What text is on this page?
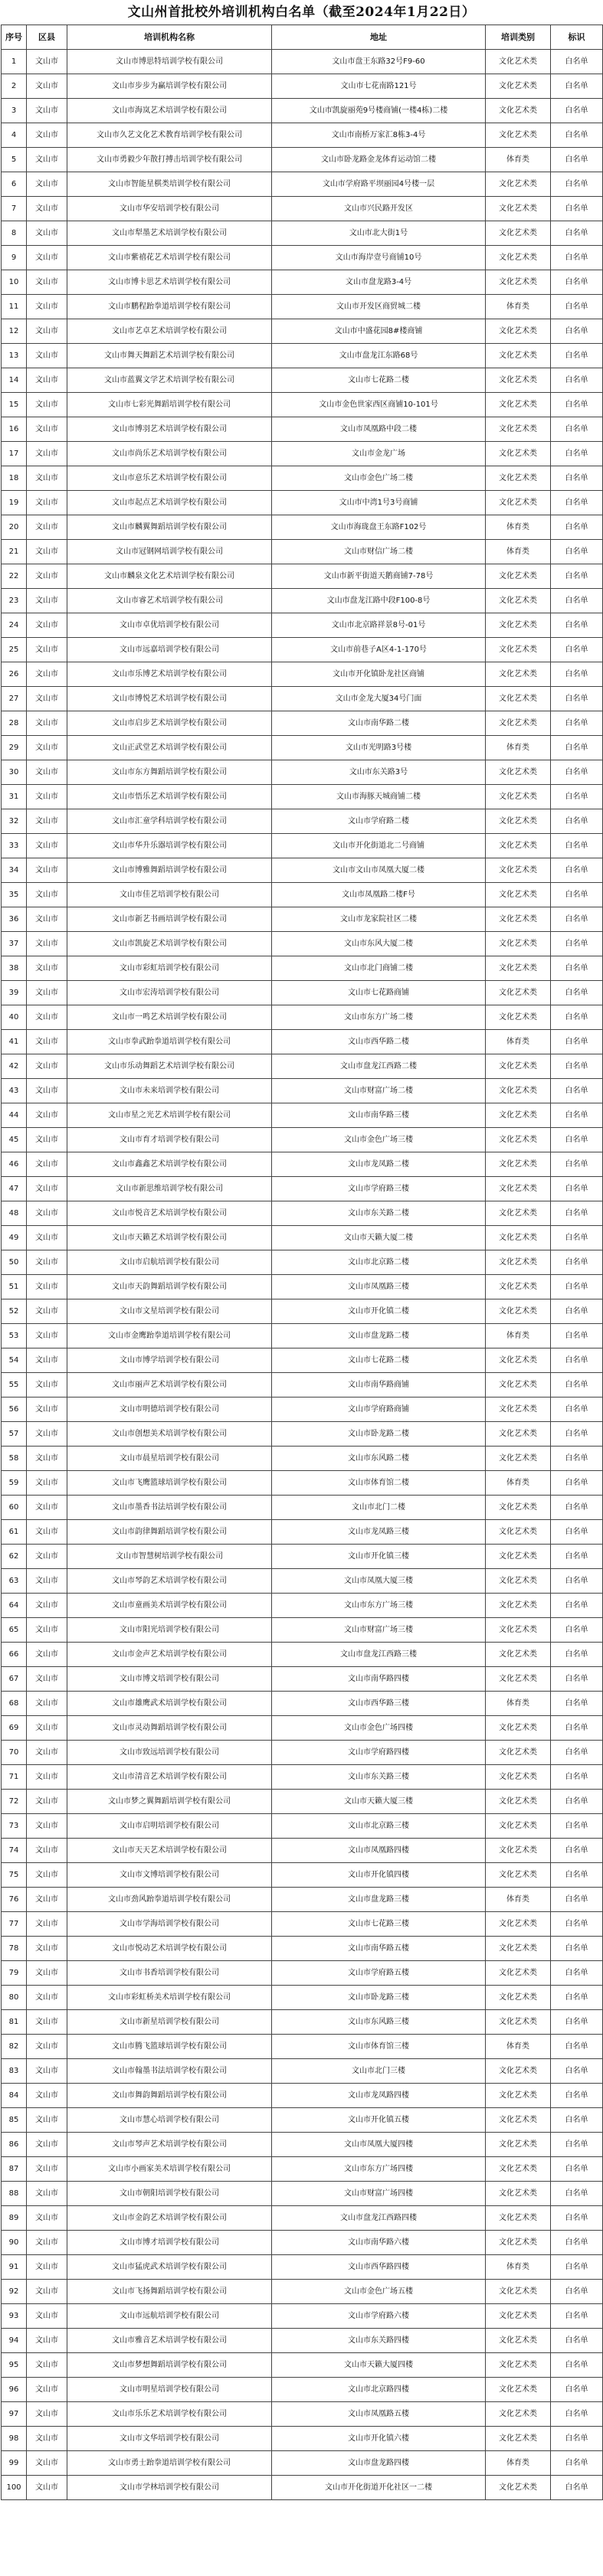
文山州首批校外培训机构白名单（截至2024年1月22日）
序号	区县	培训机构名称	地址	培训类别	标识
1	文山市	文山市博思特培训学校有限公司	文山市盘王东路32号F9-60	文化艺术类	白名单
2	文山市	文山市步步为赢培训学校有限公司	文山市七花南路121号	文化艺术类	白名单
3	文山市	文山市海岚艺术培训学校有限公司	文山市凯旋丽苑9号楼商铺(一楼4栋)二楼	文化艺术类	白名单
4	文山市	文山市久艺文化艺术教育培训学校有限公司	文山市南桥万家汇8栋3-4号	文化艺术类	白名单
5	文山市	文山市勇毅少年散打搏击培训学校有限公司	文山市卧龙路金龙体育运动馆二楼	体育类	白名单
6	文山市	文山市智能星棋类培训学校有限公司	文山市学府路平坝丽园4号楼一层	文化艺术类	白名单
7	文山市	文山市华安培训学校有限公司	文山市兴民路开发区	文化艺术类	白名单
8	文山市	文山市犁墨艺术培训学校有限公司	文山市北大街1号	文化艺术类	白名单
9	文山市	文山市紫禧花艺术培训学校有限公司	文山市海岸壹号商铺10号	文化艺术类	白名单
10	文山市	文山市博卡思艺术培训学校有限公司	文山市盘龙路3-4号	文化艺术类	白名单
11	文山市	文山市鹏程跆拳道培训学校有限公司	文山市开发区商贸城二楼	体育类	白名单
12	文山市	文山市艺卓艺术培训学校有限公司	文山市中盛花园8#楼商铺	文化艺术类	白名单
13	文山市	文山市舞天舞蹈艺术培训学校有限公司	文山市盘龙江东路68号	文化艺术类	白名单
14	文山市	文山市蓝翼文学艺术培训学校有限公司	文山市七花路二楼	文化艺术类	白名单
15	文山市	文山市七彩光舞蹈培训学校有限公司	文山市金色世家西区商铺10-101号	文化艺术类	白名单
16	文山市	文山市博羽艺术培训学校有限公司	文山市凤凰路中段二楼	文化艺术类	白名单
17	文山市	文山市尚乐艺术培训学校有限公司	文山市金龙广场	文化艺术类	白名单
18	文山市	文山市意乐艺术培训学校有限公司	文山市金色广场二楼	文化艺术类	白名单
19	文山市	文山市起点艺术培训学校有限公司	文山市中湾1号3号商铺	文化艺术类	白名单
20	文山市	文山市麟翼舞蹈培训学校有限公司	文山市海珑盘王东路F102号	体育类	白名单
21	文山市	文山市冠钢网培训学校有限公司	文山市财信广场二楼	体育类	白名单
22	文山市	文山市麟泉文化艺术培训学校有限公司	文山市新平街道天鹅商铺7-78号	文化艺术类	白名单
23	文山市	文山市睿艺术培训学校有限公司	文山市盘龙江路中段F100-8号	文化艺术类	白名单
24	文山市	文山市卓优培训学校有限公司	文山市北京路祥景8号-01号	文化艺术类	白名单
25	文山市	文山市远嘉培训学校有限公司	文山市前巷子A区4-1-170号	文化艺术类	白名单
26	文山市	文山市乐博艺术培训学校有限公司	文山市开化镇卧龙社区商铺	文化艺术类	白名单
27	文山市	文山市博悦艺术培训学校有限公司	文山市金龙大厦34号门面	文化艺术类	白名单
28	文山市	文山市启步艺术培训学校有限公司	文山市南华路二楼	文化艺术类	白名单
29	文山市	文山正武堂艺术培训学校有限公司	文山市光明路3号楼	体育类	白名单
30	文山市	文山市东方舞蹈培训学校有限公司	文山市东关路3号	文化艺术类	白名单
31	文山市	文山市悟乐艺术培训学校有限公司	文山市海豚天城商铺二楼	文化艺术类	白名单
32	文山市	文山市汇童学科培训学校有限公司	文山市学府路二楼	文化艺术类	白名单
33	文山市	文山市华升乐器培训学校有限公司	文山市开化街道北二号商铺	文化艺术类	白名单
34	文山市	文山市博雅舞蹈培训学校有限公司	文山市文山市凤凰大厦二楼	文化艺术类	白名单
35	文山市	文山市佳艺培训学校有限公司	文山市凤凰路二楼F号	文化艺术类	白名单
36	文山市	文山市新艺书画培训学校有限公司	文山市龙家院社区二楼	文化艺术类	白名单
37	文山市	文山市凯旋艺术培训学校有限公司	文山市东风大厦二楼	文化艺术类	白名单
38	文山市	文山市彩虹培训学校有限公司	文山市北门商铺二楼	文化艺术类	白名单
39	文山市	文山市宏涛培训学校有限公司	文山市七花路商铺	文化艺术类	白名单
40	文山市	文山市一鸣艺术培训学校有限公司	文山市东方广场二楼	文化艺术类	白名单
41	文山市	文山市拳武跆拳道培训学校有限公司	文山市西华路二楼	体育类	白名单
42	文山市	文山市乐动舞蹈艺术培训学校有限公司	文山市盘龙江西路二楼	文化艺术类	白名单
43	文山市	文山市未来培训学校有限公司	文山市财富广场二楼	文化艺术类	白名单
44	文山市	文山市星之光艺术培训学校有限公司	文山市南华路三楼	文化艺术类	白名单
45	文山市	文山市育才培训学校有限公司	文山市金色广场三楼	文化艺术类	白名单
46	文山市	文山市鑫鑫艺术培训学校有限公司	文山市龙凤路二楼	文化艺术类	白名单
47	文山市	文山市新思维培训学校有限公司	文山市学府路三楼	文化艺术类	白名单
48	文山市	文山市悦音艺术培训学校有限公司	文山市东关路二楼	文化艺术类	白名单
49	文山市	文山市天籁艺术培训学校有限公司	文山市天籁大厦二楼	文化艺术类	白名单
50	文山市	文山市启航培训学校有限公司	文山市北京路二楼	文化艺术类	白名单
51	文山市	文山市天韵舞蹈培训学校有限公司	文山市凤凰路三楼	文化艺术类	白名单
52	文山市	文山市文星培训学校有限公司	文山市开化镇二楼	文化艺术类	白名单
53	文山市	文山市金鹰跆拳道培训学校有限公司	文山市盘龙路二楼	体育类	白名单
54	文山市	文山市博学培训学校有限公司	文山市七花路二楼	文化艺术类	白名单
55	文山市	文山市丽声艺术培训学校有限公司	文山市南华路商铺	文化艺术类	白名单
56	文山市	文山市明德培训学校有限公司	文山市学府路商铺	文化艺术类	白名单
57	文山市	文山市创想美术培训学校有限公司	文山市卧龙路二楼	文化艺术类	白名单
58	文山市	文山市晨星培训学校有限公司	文山市东风路二楼	文化艺术类	白名单
59	文山市	文山市飞鹰篮球培训学校有限公司	文山市体育馆二楼	体育类	白名单
60	文山市	文山市墨香书法培训学校有限公司	文山市北门二楼	文化艺术类	白名单
61	文山市	文山市韵律舞蹈培训学校有限公司	文山市龙凤路三楼	文化艺术类	白名单
62	文山市	文山市智慧树培训学校有限公司	文山市开化镇三楼	文化艺术类	白名单
63	文山市	文山市琴韵艺术培训学校有限公司	文山市凤凰大厦三楼	文化艺术类	白名单
64	文山市	文山市童画美术培训学校有限公司	文山市东方广场三楼	文化艺术类	白名单
65	文山市	文山市阳光培训学校有限公司	文山市财富广场三楼	文化艺术类	白名单
66	文山市	文山市金声艺术培训学校有限公司	文山市盘龙江西路三楼	文化艺术类	白名单
67	文山市	文山市博文培训学校有限公司	文山市南华路四楼	文化艺术类	白名单
68	文山市	文山市雄鹰武术培训学校有限公司	文山市西华路三楼	体育类	白名单
69	文山市	文山市灵动舞蹈培训学校有限公司	文山市金色广场四楼	文化艺术类	白名单
70	文山市	文山市致远培训学校有限公司	文山市学府路四楼	文化艺术类	白名单
71	文山市	文山市清音艺术培训学校有限公司	文山市东关路三楼	文化艺术类	白名单
72	文山市	文山市梦之翼舞蹈培训学校有限公司	文山市天籁大厦三楼	文化艺术类	白名单
73	文山市	文山市启明培训学校有限公司	文山市北京路三楼	文化艺术类	白名单
74	文山市	文山市天天艺术培训学校有限公司	文山市凤凰路四楼	文化艺术类	白名单
75	文山市	文山市文博培训学校有限公司	文山市开化镇四楼	文化艺术类	白名单
76	文山市	文山市劲风跆拳道培训学校有限公司	文山市盘龙路三楼	体育类	白名单
77	文山市	文山市学海培训学校有限公司	文山市七花路三楼	文化艺术类	白名单
78	文山市	文山市悦动艺术培训学校有限公司	文山市南华路五楼	文化艺术类	白名单
79	文山市	文山市书香培训学校有限公司	文山市学府路五楼	文化艺术类	白名单
80	文山市	文山市彩虹桥美术培训学校有限公司	文山市卧龙路三楼	文化艺术类	白名单
81	文山市	文山市新星培训学校有限公司	文山市东风路三楼	文化艺术类	白名单
82	文山市	文山市腾飞篮球培训学校有限公司	文山市体育馆三楼	体育类	白名单
83	文山市	文山市翰墨书法培训学校有限公司	文山市北门三楼	文化艺术类	白名单
84	文山市	文山市舞韵舞蹈培训学校有限公司	文山市龙凤路四楼	文化艺术类	白名单
85	文山市	文山市慧心培训学校有限公司	文山市开化镇五楼	文化艺术类	白名单
86	文山市	文山市琴声艺术培训学校有限公司	文山市凤凰大厦四楼	文化艺术类	白名单
87	文山市	文山市小画家美术培训学校有限公司	文山市东方广场四楼	文化艺术类	白名单
88	文山市	文山市朝阳培训学校有限公司	文山市财富广场四楼	文化艺术类	白名单
89	文山市	文山市金韵艺术培训学校有限公司	文山市盘龙江西路四楼	文化艺术类	白名单
90	文山市	文山市博才培训学校有限公司	文山市南华路六楼	文化艺术类	白名单
91	文山市	文山市猛虎武术培训学校有限公司	文山市西华路四楼	体育类	白名单
92	文山市	文山市飞扬舞蹈培训学校有限公司	文山市金色广场五楼	文化艺术类	白名单
93	文山市	文山市远航培训学校有限公司	文山市学府路六楼	文化艺术类	白名单
94	文山市	文山市雅音艺术培训学校有限公司	文山市东关路四楼	文化艺术类	白名单
95	文山市	文山市梦想舞蹈培训学校有限公司	文山市天籁大厦四楼	文化艺术类	白名单
96	文山市	文山市明星培训学校有限公司	文山市北京路四楼	文化艺术类	白名单
97	文山市	文山市乐乐艺术培训学校有限公司	文山市凤凰路五楼	文化艺术类	白名单
98	文山市	文山市文华培训学校有限公司	文山市开化镇六楼	文化艺术类	白名单
99	文山市	文山市勇士跆拳道培训学校有限公司	文山市盘龙路四楼	体育类	白名单
100	文山市	文山市学林培训学校有限公司	文山市开化街道开化社区一二楼	文化艺术类	白名单
